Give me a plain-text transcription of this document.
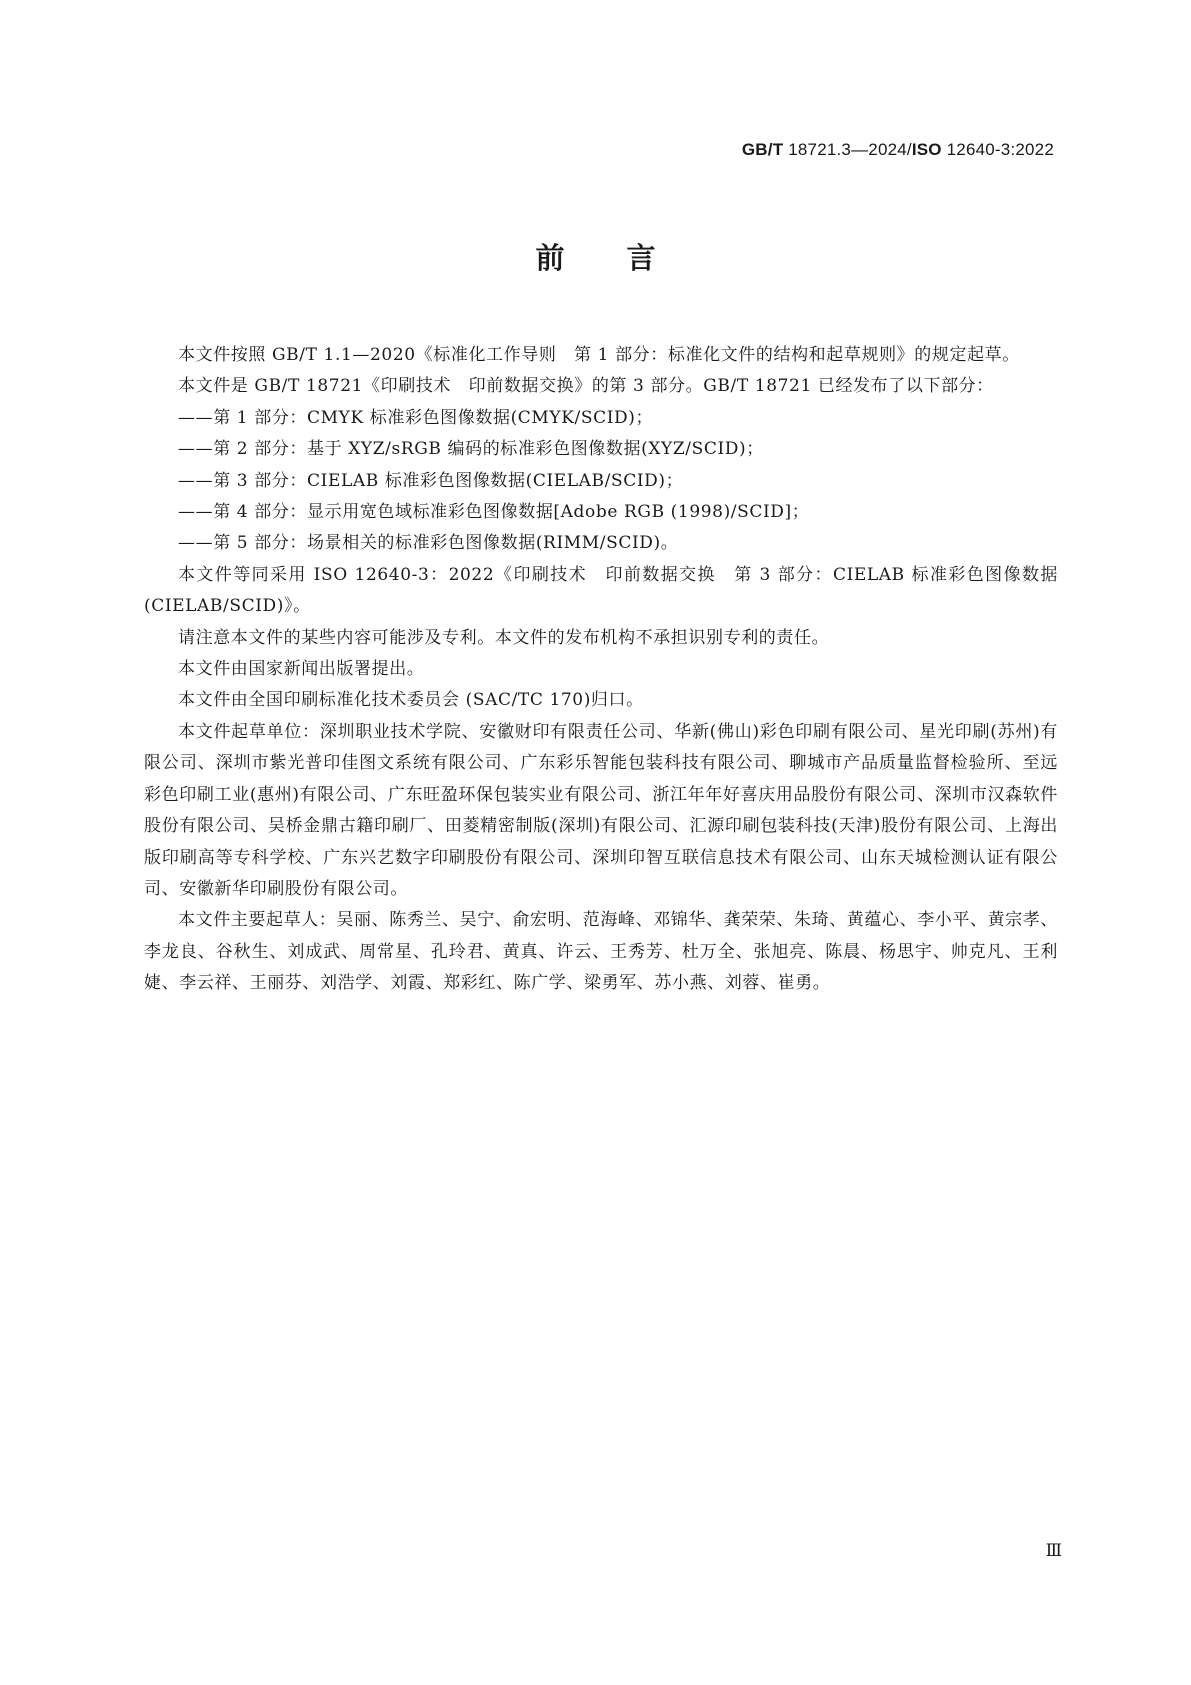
GB/T 18721.3—2024/ISO 12640-3:2022
前言

本文件按照 GB/T 1.1—2020《标准化工作导则　第 1 部分：标准化文件的结构和起草规则》的规定起草。

本文件是 GB/T 18721《印刷技术　印前数据交换》的第 3 部分。GB/T 18721 已经发布了以下部分：

——第 1 部分：CMYK 标准彩色图像数据(CMYK/SCID)；

——第 2 部分：基于 XYZ/sRGB 编码的标准彩色图像数据(XYZ/SCID)；

——第 3 部分：CIELAB 标准彩色图像数据(CIELAB/SCID)；

——第 4 部分：显示用宽色域标准彩色图像数据[Adobe RGB (1998)/SCID]；

——第 5 部分：场景相关的标准彩色图像数据(RIMM/SCID)。

本文件等同采用 ISO 12640-3：2022《印刷技术　印前数据交换　第 3 部分：CIELAB 标准彩色图像数据(CIELAB/SCID)》。

请注意本文件的某些内容可能涉及专利。本文件的发布机构不承担识别专利的责任。

本文件由国家新闻出版署提出。

本文件由全国印刷标准化技术委员会 (SAC/TC 170)归口。

本文件起草单位：深圳职业技术学院、安徽财印有限责任公司、华新(佛山)彩色印刷有限公司、星光印刷(苏州)有限公司、深圳市紫光普印佳图文系统有限公司、广东彩乐智能包装科技有限公司、聊城市产品质量监督检验所、至远彩色印刷工业(惠州)有限公司、广东旺盈环保包装实业有限公司、浙江年年好喜庆用品股份有限公司、深圳市汉森软件股份有限公司、吴桥金鼎古籍印刷厂、田菱精密制版(深圳)有限公司、汇源印刷包装科技(天津)股份有限公司、上海出版印刷高等专科学校、广东兴艺数字印刷股份有限公司、深圳印智互联信息技术有限公司、山东天城检测认证有限公司、安徽新华印刷股份有限公司。

本文件主要起草人：吴丽、陈秀兰、吴宁、俞宏明、范海峰、邓锦华、龚荣荣、朱琦、黄蕴心、李小平、黄宗孝、李龙良、谷秋生、刘成武、周常星、孔玲君、黄真、许云、王秀芳、杜万全、张旭亮、陈晨、杨思宇、帅克凡、王利婕、李云祥、王丽芬、刘浩学、刘霞、郑彩红、陈广学、梁勇军、苏小燕、刘蓉、崔勇。

Ⅲ
